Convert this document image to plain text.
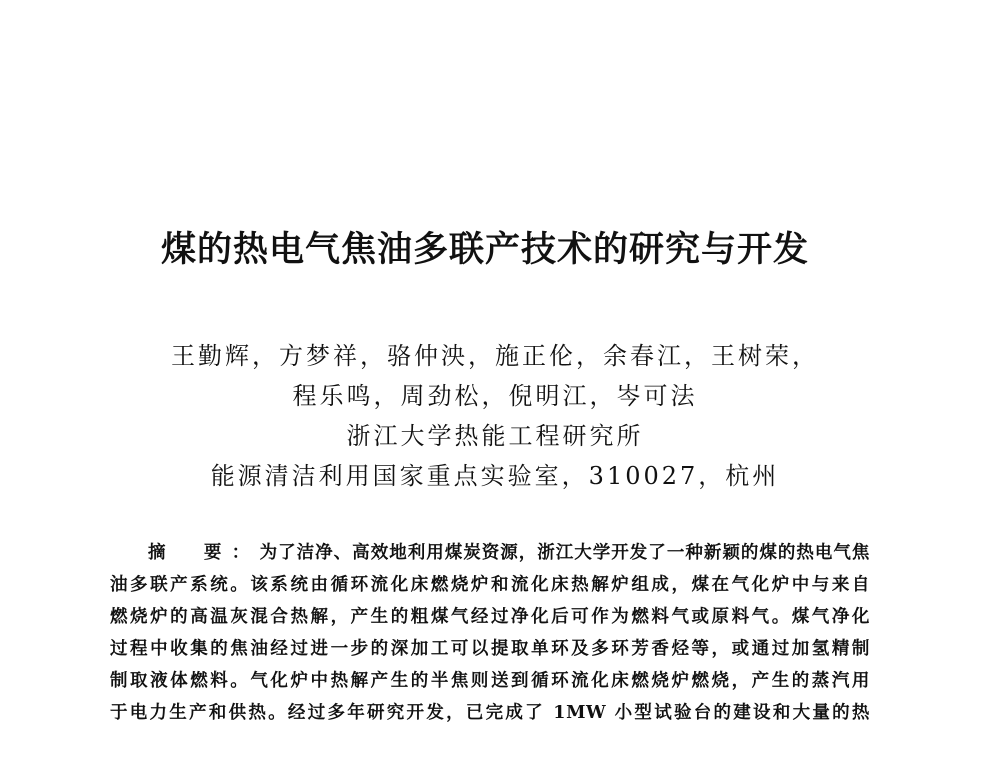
煤的热电气焦油多联产技术的研究与开发
王勤辉，方梦祥，骆仲泱，施正伦，余春江，王树荣，
程乐鸣，周劲松，倪明江，岑可法
浙江大学热能工程研究所
能源清洁利用国家重点实验室，310027，杭州
摘　要：为了洁净、高效地利用煤炭资源，浙江大学开发了一种新颖的煤的热电气焦
油多联产系统。该系统由循环流化床燃烧炉和流化床热解炉组成，煤在气化炉中与来自
燃烧炉的高温灰混合热解，产生的粗煤气经过净化后可作为燃料气或原料气。煤气净化
过程中收集的焦油经过进一步的深加工可以提取单环及多环芳香烃等，或通过加氢精制
制取液体燃料。气化炉中热解产生的半焦则送到循环流化床燃烧炉燃烧，产生的蒸汽用
于电力生产和供热。经过多年研究开发，已完成了 1MW 小型试验台的建设和大量的热
